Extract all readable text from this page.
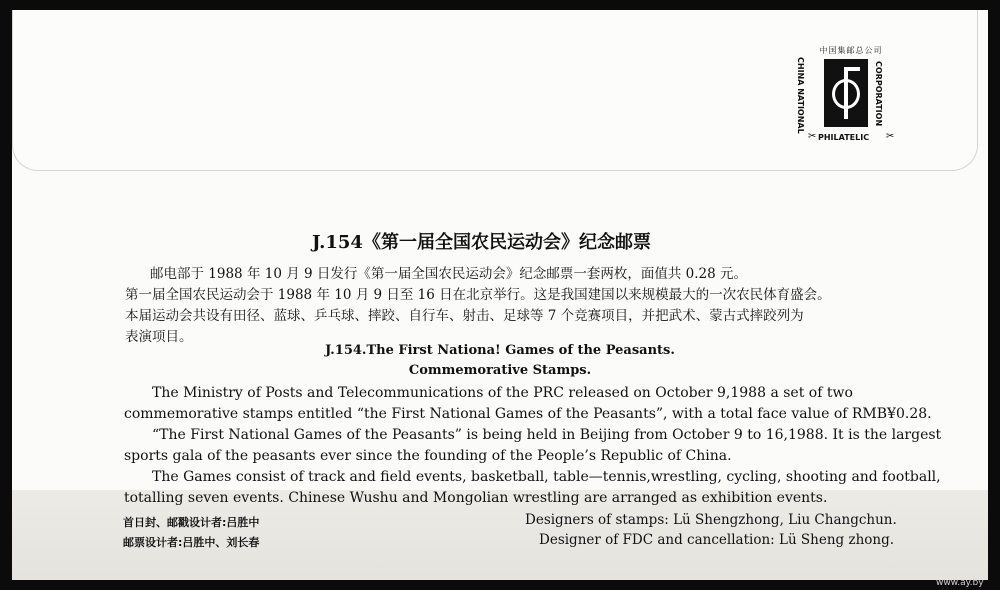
中国集邮总公司
CHINA NATIONAL	CORPORATION
✂ PHILATELIC ✂
J.154《第一届全国农民运动会》纪念邮票
邮电部于 1988 年 10 月 9 日发行《第一届全国农民运动会》纪念邮票一套两枚，面值共 0.28 元。
第一届全国农民运动会于 1988 年 10 月 9 日至 16 日在北京举行。这是我国建国以来规模最大的一次农民体育盛会。
本届运动会共设有田径、蓝球、乒乓球、摔跤、自行车、射击、足球等 7 个竞赛项目，并把武术、蒙古式摔跤列为
表演项目。
J.154.The First Nationa! Games of the Peasants.
Commemorative Stamps.
The Ministry of Posts and Telecommunications of the PRC released on October 9,1988 a set of two
commemorative stamps entitled “the First National Games of the Peasants”, with a total face value of RMB¥0.28.
“The First National Games of the Peasants” is being held in Beijing from October 9 to 16,1988. It is the largest
sports gala of the peasants ever since the founding of the People’s Republic of China.
The Games consist of track and field events, basketball, table—tennis,wrestling, cycling, shooting and football,
totalling seven events. Chinese Wushu and Mongolian wrestling are arranged as exhibition events.
首日封、邮戳设计者:吕胜中
邮票设计者:吕胜中、刘长春
Designers of stamps: Lü Shengzhong, Liu Changchun.
Designer of FDC and cancellation: Lü Sheng zhong.
www.ay.by
